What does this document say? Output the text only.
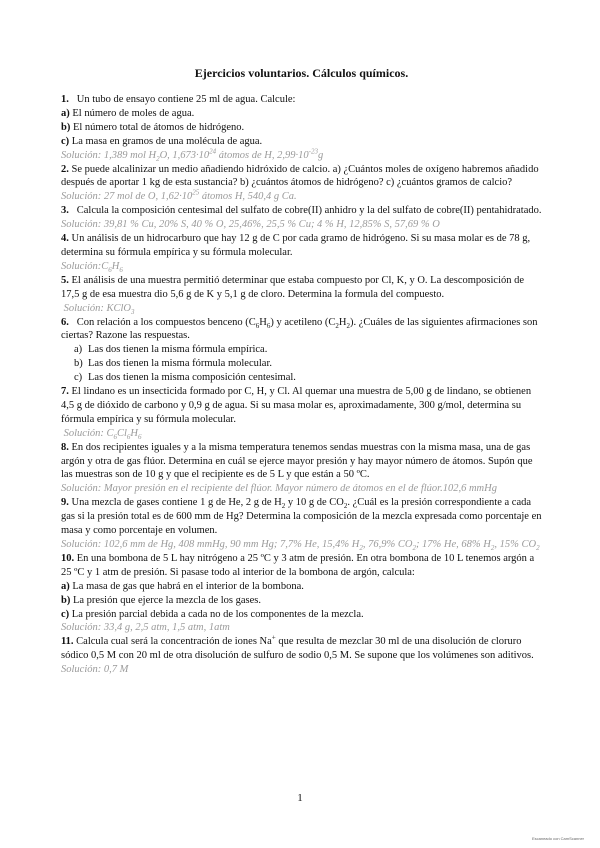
Ejercicios voluntarios. Cálculos químicos.

1. Un tubo de ensayo contiene 25 ml de agua. Calcule:

a) El número de moles de agua.

b) El número total de átomos de hidrógeno.

c) La masa en gramos de una molécula de agua.

Solución: 1,389 mol $H_2O$, $1,673\cdot 10^{24}$ átomos de H, $2,99\cdot 10^{-23}g$

2. Se puede alcalinizar un medio añadiendo hidróxido de calcio. a) ¿Cuántos moles de oxígeno habremos añadido después de aportar 1 kg de esta sustancia? b) ¿cuántos átomos de hidrógeno? c) ¿cuántos gramos de calcio?

Solución: 27 mol de O, $1,62\cdot 10^{25}$ átomos H, 540,4 g Ca.

3. Calcula la composición centesimal del sulfato de cobre(II) anhidro y la del sulfato de cobre(II) pentahidratado.

Solución: 39,81 % Cu, 20% S, 40 % O, 25,46%, 25,5 % Cu; 4 % H, 12,85% S, 57,69 % O

4. Un análisis de un hidrocarburo que hay 12 g de C por cada gramo de hidrógeno. Si su masa molar es de 78 g, determina su fórmula empírica y su fórmula molecular.

$Solución:C_6H_6$

5. El análisis de una muestra permitió determinar que estaba compuesto por Cl, K, y O. La descomposición de 17,5 g de esa muestra dio 5,6 g de K y 5,1 g de cloro. Determina la formula del compuesto.

Solución: KClO$_3$

6. Con relación a los compuestos benceno $(C_6H_6)$ y acetileno $(C_2H_2)$. ¿Cuáles de las siguientes afirmaciones son ciertas? Razone las respuestas.

a) Las dos tienen la misma fórmula empírica.
b) Las dos tienen la misma fórmula molecular.
c) Las dos tienen la misma composición centesimal.

7. El lindano es un insecticida formado por C, H, y Cl. Al quemar una muestra de 5,00 g de lindano, se obtienen 4,5 g de dióxido de carbono y 0,9 g de agua. Si su masa molar es, aproximadamente, 300 g/mol, determina su fórmula empírica y su fórmula molecular.

Solución: $C_6Cl_6H_6$

8. En dos recipientes iguales y a la misma temperatura tenemos sendas muestras con la misma masa, una de gas argón y otra de gas flúor. Determina en cuál se ejerce mayor presión y hay mayor número de átomos. Supón que las muestras son de 10 g y que el recipiente es de 5 L y que están a 50 ºC.

Solución: Mayor presión en el recipiente del flúor. Mayor número de átomos en el de flúor.102,6 mmHg

9. Una mezcla de gases contiene 1 g de He, 2 g de $H_2$ y 10 g de $CO_2$. ¿Cuál es la presión correspondiente a cada gas si la presión total es de 600 mm de Hg? Determina la composición de la mezcla expresada como porcentaje en masa y como porcentaje en volumen.

Solución: 102,6 mm de Hg, 408 mmHg, 90 mm Hg; 7,7% He, 15,4% $H_2$, 76,9% $CO_2$; 17% He, 68% $H_2$, 15% $CO_2$

10. En una bombona de 5 L hay nitrógeno a 25 ºC y 3 atm de presión. En otra bombona de 10 L tenemos argón a 25 ºC y 1 atm de presión. Si pasase todo al interior de la bombona de argón, calcula:

a) La masa de gas que habrá en el interior de la bombona.

b) La presión que ejerce la mezcla de los gases.

c) La presión parcial debida a cada no de los componentes de la mezcla.

Solución: 33,4 g, 2,5 atm, 1,5 atm, 1atm

11. Calcula cual será la concentración de iones Na+ que resulta de mezclar 30 ml de una disolución de cloruro sódico 0,5 M con 20 ml de otra disolución de sulfuro de sodio 0,5 M. Se supone que los volúmenes son aditivos.

Solución: 0,7 M

1
Escaneado con CamScanner
